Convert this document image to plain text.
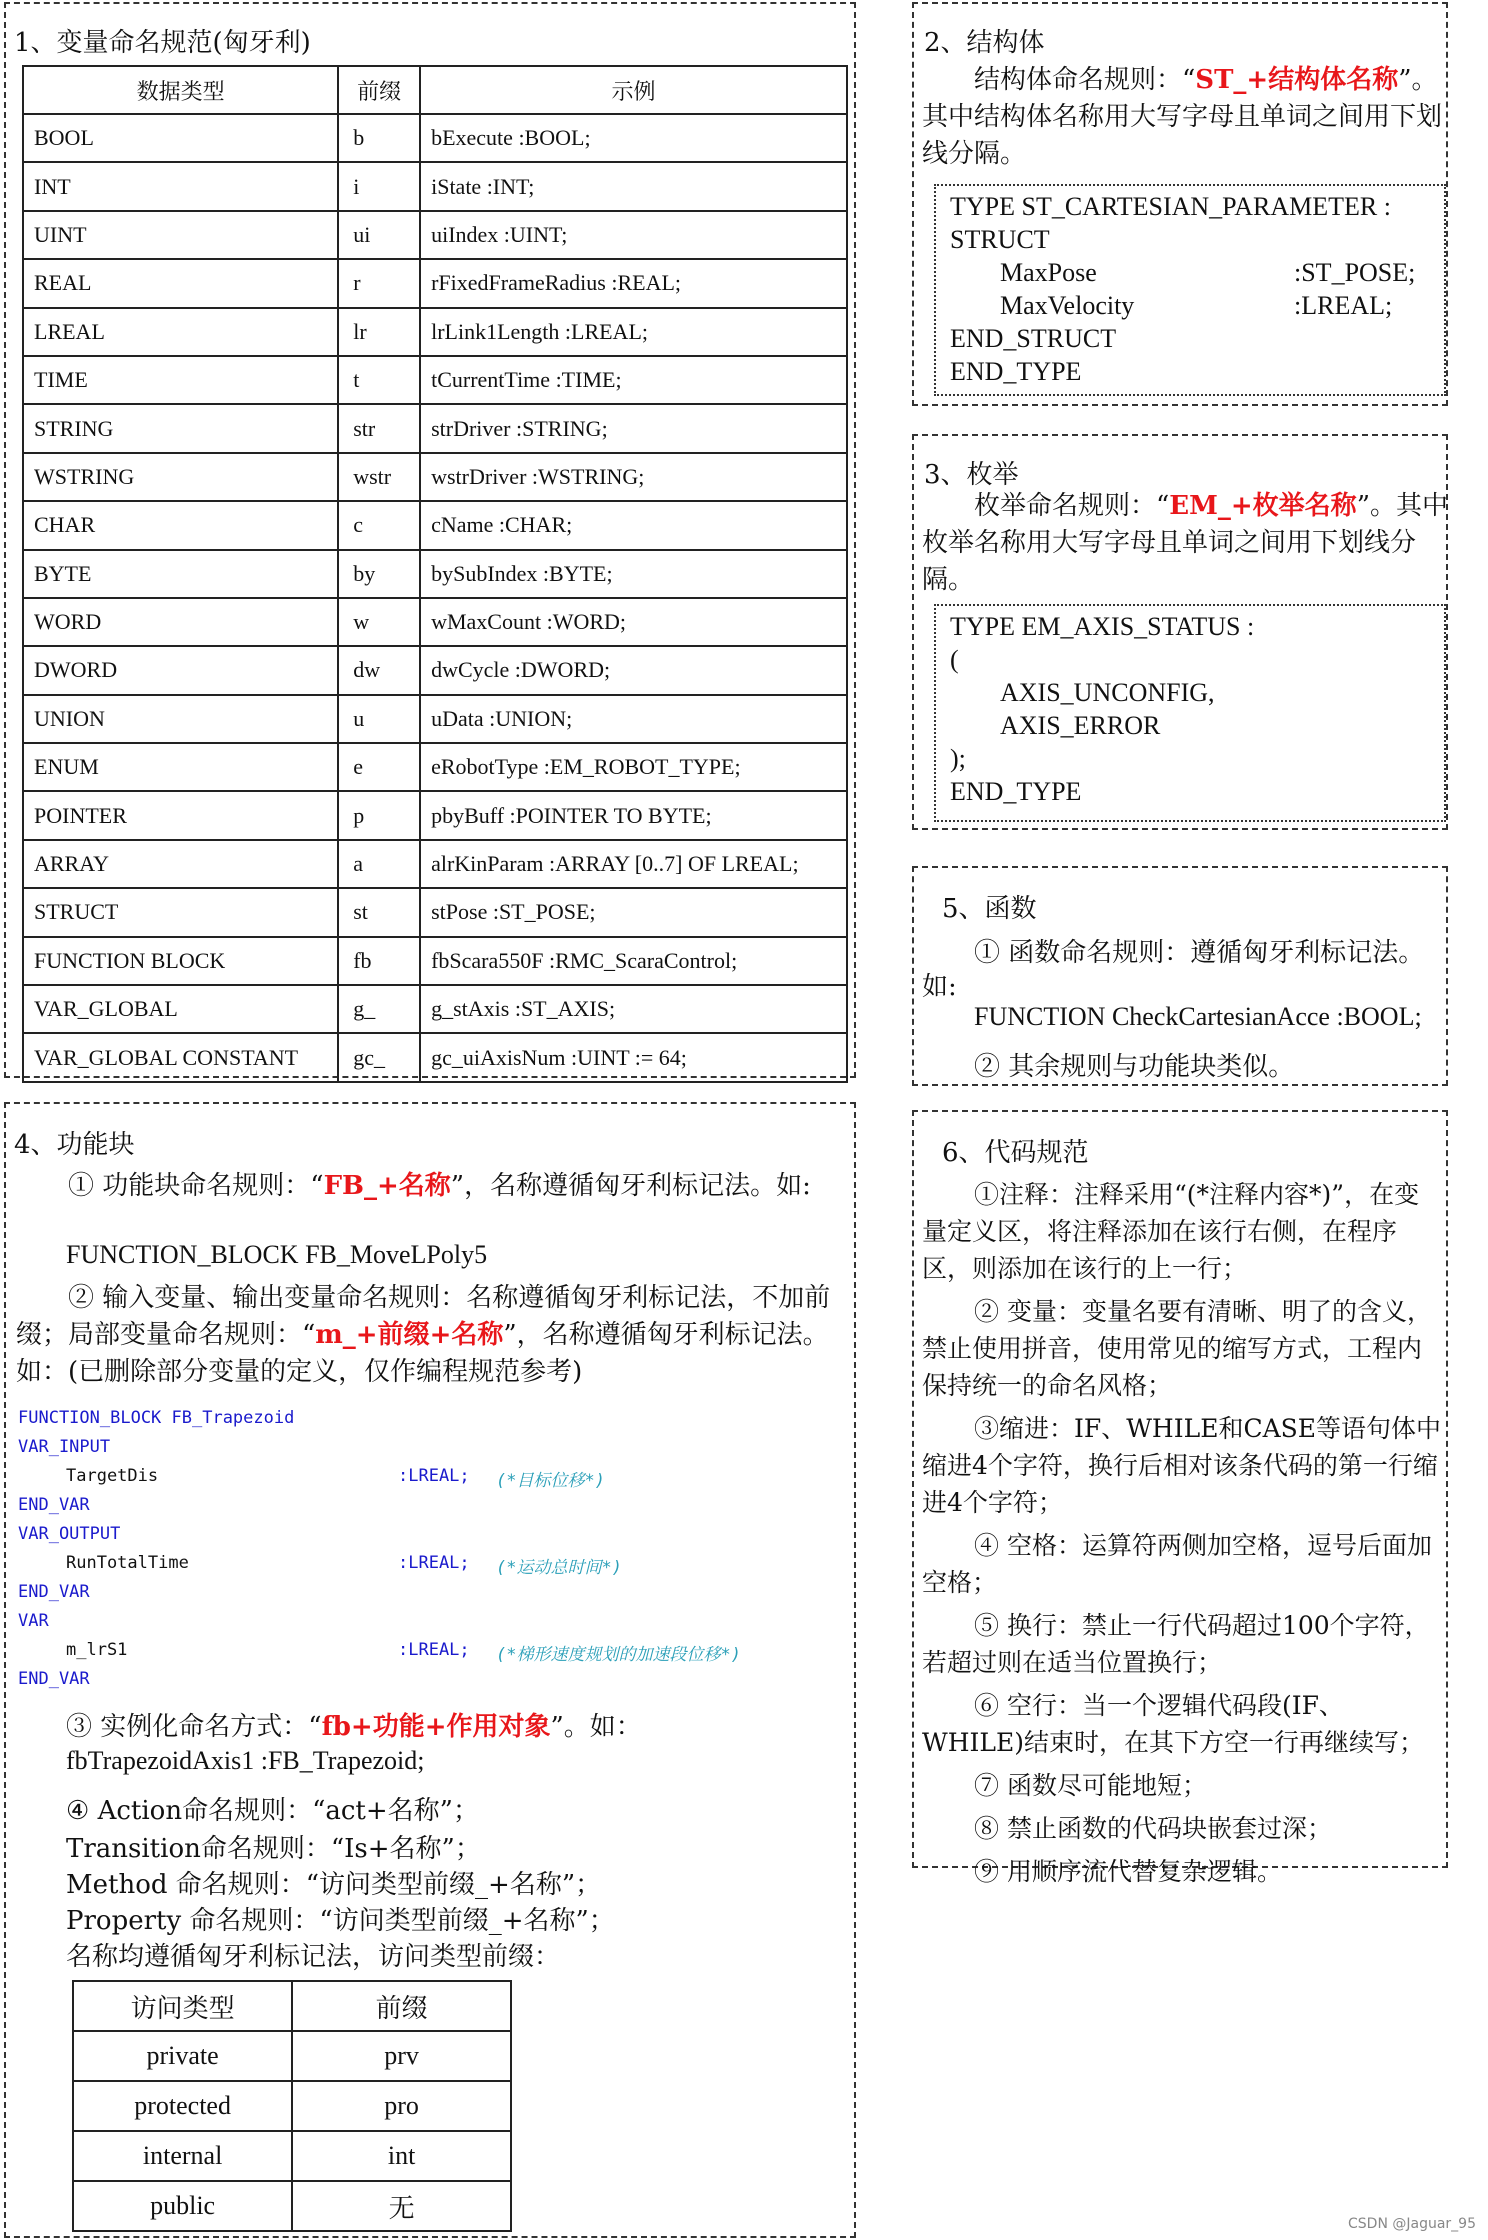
1、变量命名规范(匈牙利)
数据类型	前缀	示例
BOOL	b	bExecute :BOOL;
INT	i	iState :INT;
UINT	ui	uiIndex :UINT;
REAL	r	rFixedFrameRadius :REAL;
LREAL	lr	lrLink1Length :LREAL;
TIME	t	tCurrentTime :TIME;
STRING	str	strDriver :STRING;
WSTRING	wstr	wstrDriver :WSTRING;
CHAR	c	cName :CHAR;
BYTE	by	bySubIndex :BYTE;
WORD	w	wMaxCount :WORD;
DWORD	dw	dwCycle :DWORD;
UNION	u	uData :UNION;
ENUM	e	eRobotType :EM_ROBOT_TYPE;
POINTER	p	pbyBuff :POINTER TO BYTE;
ARRAY	a	alrKinParam :ARRAY [0..7] OF LREAL;
STRUCT	st	stPose :ST_POSE;
FUNCTION BLOCK	fb	fbScara550F :RMC_ScaraControl;
VAR_GLOBAL	g_	g_stAxis :ST_AXIS;
VAR_GLOBAL CONSTANT	gc_	gc_uiAxisNum :UINT := 64;
2、结构体
结构体命名规则：“ST_+结构体名称”。其中结构体名称用大写字母且单词之间用下划线分隔。
TYPE ST_CARTESIAN_PARAMETER :
STRUCT
MaxPose	:ST_POSE;
MaxVelocity	:LREAL;
END_STRUCT
END_TYPE
3、枚举
枚举命名规则：“EM_+枚举名称”。其中枚举名称用大写字母且单词之间用下划线分隔。
TYPE EM_AXIS_STATUS :
(
AXIS_UNCONFIG,
AXIS_ERROR
);
END_TYPE
4、功能块
① 功能块命名规则：“FB_+名称”，名称遵循匈牙利标记法。如:
FUNCTION_BLOCK FB_MoveLPoly5
② 输入变量、输出变量命名规则：名称遵循匈牙利标记法，不加前缀；局部变量命名规则：“m_+前缀+名称”，名称遵循匈牙利标记法。如：(已删除部分变量的定义，仅作编程规范参考)
FUNCTION_BLOCK FB_Trapezoid
VAR_INPUT
TargetDis	:LREAL; (*目标位移*)
END_VAR
VAR_OUTPUT
RunTotalTime	:LREAL; (*运动总时间*)
END_VAR
VAR
m_lrS1	:LREAL; (*梯形速度规划的加速段位移*)
END_VAR
③ 实例化命名方式：“fb+功能+作用对象”。如：
fbTrapezoidAxis1 :FB_Trapezoid;
④ Action命名规则：“act+名称”；
Transition命名规则：“Is+名称”；
Method 命名规则：“访问类型前缀_+名称”；
Property 命名规则：“访问类型前缀_+名称”；
名称均遵循匈牙利标记法，访问类型前缀：
访问类型	前缀
private	prv
protected	pro
internal	int
public	无
5、函数
① 函数命名规则：遵循匈牙利标记法。
如:
FUNCTION CheckCartesianAcce :BOOL;
② 其余规则与功能块类似。
6、代码规范
①注释：注释采用“(*注释内容*)”，在变量定义区，将注释添加在该行右侧，在程序区，则添加在该行的上一行；
② 变量：变量名要有清晰、明了的含义，禁止使用拼音，使用常见的缩写方式，工程内保持统一的命名风格；
③缩进：IF、WHILE和CASE等语句体中缩进4个字符，换行后相对该条代码的第一行缩进4个字符；
④ 空格：运算符两侧加空格，逗号后面加空格；
⑤ 换行：禁止一行代码超过100个字符，若超过则在适当位置换行；
⑥ 空行：当一个逻辑代码段(IF、WHILE)结束时，在其下方空一行再继续写；
⑦ 函数尽可能地短；
⑧ 禁止函数的代码块嵌套过深；
⑨ 用顺序流代替复杂逻辑。
CSDN @Jaguar_95
